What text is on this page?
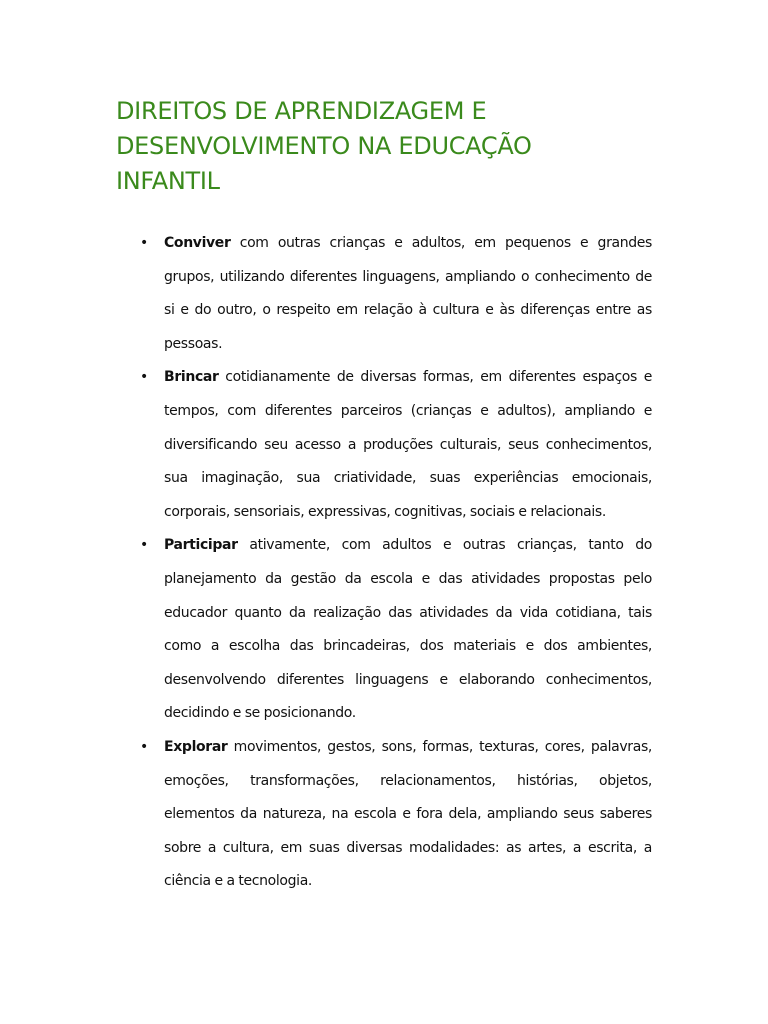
DIREITOS DE APRENDIZAGEM E DESENVOLVIMENTO NA EDUCAÇÃO INFANTIL
• Conviver com outras crianças e adultos, em pequenos e grandes grupos, utilizando diferentes linguagens, ampliando o conhecimento de si e do outro, o respeito em relação à cultura e às diferenças entre as pessoas.
• Brincar cotidianamente de diversas formas, em diferentes espaços e tempos, com diferentes parceiros (crianças e adultos), ampliando e diversificando seu acesso a produções culturais, seus conhecimentos, sua imaginação, sua criatividade, suas experiências emocionais, corporais, sensoriais, expressivas, cognitivas, sociais e relacionais.
• Participar ativamente, com adultos e outras crianças, tanto do planejamento da gestão da escola e das atividades propostas pelo educador quanto da realização das atividades da vida cotidiana, tais como a escolha das brincadeiras, dos materiais e dos ambientes, desenvolvendo diferentes linguagens e elaborando conhecimentos, decidindo e se posicionando.
• Explorar movimentos, gestos, sons, formas, texturas, cores, palavras, emoções, transformações, relacionamentos, histórias, objetos, elementos da natureza, na escola e fora dela, ampliando seus saberes sobre a cultura, em suas diversas modalidades: as artes, a escrita, a ciência e a tecnologia.
